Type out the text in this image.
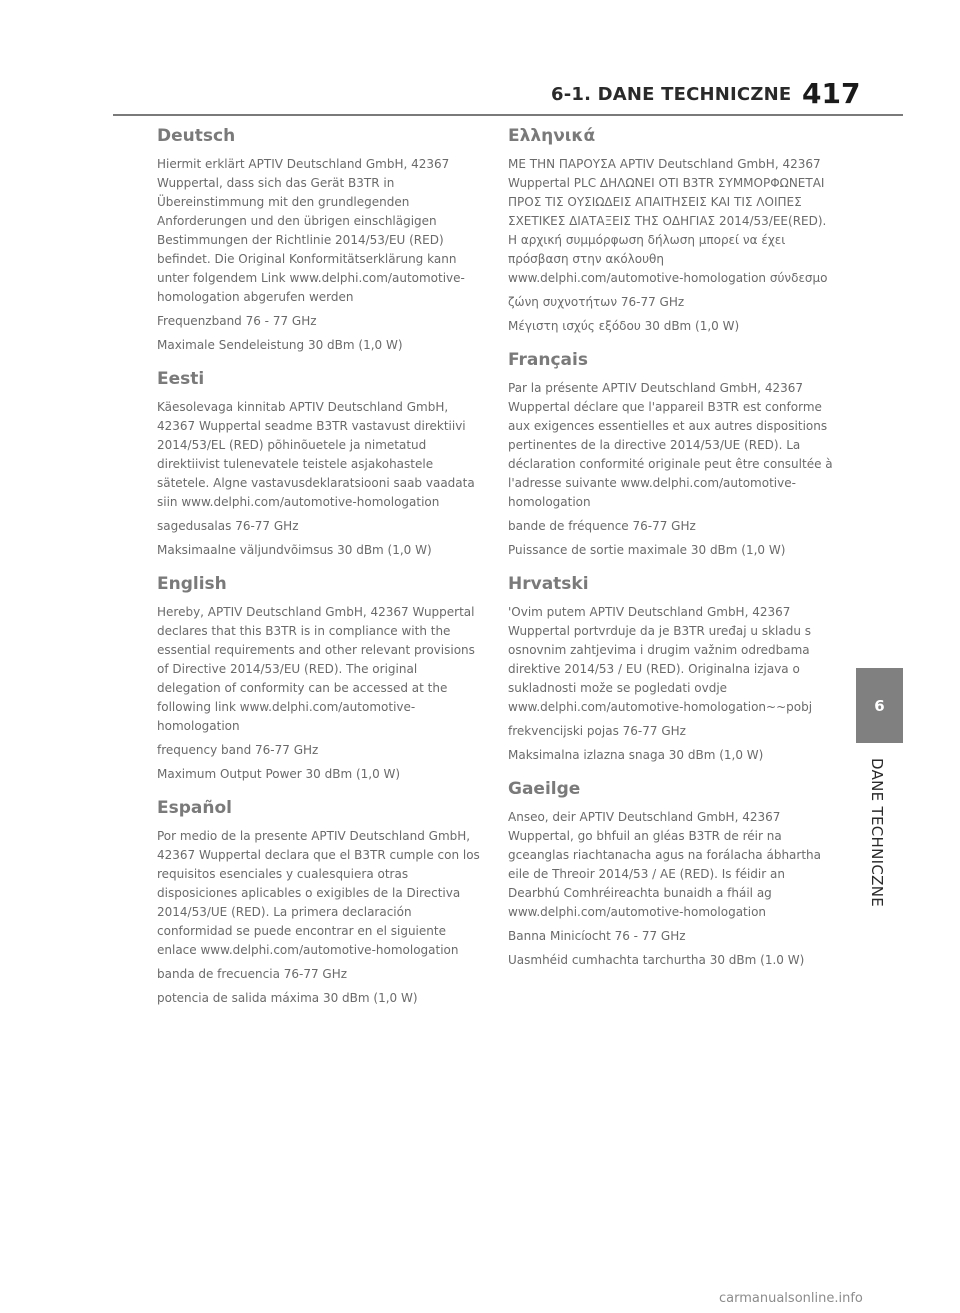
6-1. DANE TECHNICZNE 417
Deutsch

Hiermit erklärt APTIV Deutschland GmbH, 42367 Wuppertal, dass sich das Gerät B3TR in Übereinstimmung mit den grundlegenden Anforderungen und den übrigen einschlägigen Bestimmungen der Richtlinie 2014/53/EU (RED) befindet. Die Original Konformitätserklärung kann unter folgendem Link www.delphi.com/automotive-homologation abgerufen werden

Frequenzband 76 - 77 GHz

Maximale Sendeleistung 30 dBm (1,0 W)

Eesti

Käesolevaga kinnitab APTIV Deutschland GmbH, 42367 Wuppertal seadme B3TR vastavust direktiivi 2014/53/EL (RED) põhinõuetele ja nimetatud direktiivist tulenevatele teistele asjakohastele sätetele. Algne vastavusdeklaratsiooni saab vaadata siin www.delphi.com/automotive-homologation

sagedusalas 76-77 GHz

Maksimaalne väljundvõimsus 30 dBm (1,0 W)

English

Hereby, APTIV Deutschland GmbH, 42367 Wuppertal declares that this B3TR is in compliance with the essential requirements and other relevant provisions of Directive 2014/53/EU (RED). The original delegation of conformity can be accessed at the following link www.delphi.com/automotive-homologation

frequency band 76-77 GHz

Maximum Output Power 30 dBm (1,0 W)

Español

Por medio de la presente APTIV Deutschland GmbH, 42367 Wuppertal declara que el B3TR cumple con los requisitos esenciales y cualesquiera otras disposiciones aplicables o exigibles de la Directiva 2014/53/UE (RED). La primera declaración conformidad se puede encontrar en el siguiente enlace www.delphi.com/automotive-homologation

banda de frecuencia 76-77 GHz

potencia de salida máxima 30 dBm (1,0 W)

Ελληνικά

ΜΕ ΤΗΝ ΠΑΡΟΥΣΑ APTIV Deutschland GmbH, 42367 Wuppertal PLC ΔΗΛΩΝΕΙ ΟΤΙ B3TR ΣΥΜΜΟΡΦΩΝΕΤΑΙ ΠΡΟΣ ΤΙΣ ΟΥΣΙΩΔΕΙΣ ΑΠΑΙΤΗΣΕΙΣ ΚΑΙ ΤΙΣ ΛΟΙΠΕΣ ΣΧΕΤΙΚΕΣ ΔΙΑΤΑΞΕΙΣ ΤΗΣ ΟΔΗΓΙΑΣ 2014/53/ΕΕ(RED). Η αρχική συμμόρφωση δήλωση μπορεί να έχει πρόσβαση στην ακόλουθη www.delphi.com/automotive-homologation σύνδεσμο

ζώνη συχνοτήτων 76-77 GHz

Μέγιστη ισχύς εξόδου 30 dBm (1,0 W)

Français

Par la présente APTIV Deutschland GmbH, 42367 Wuppertal déclare que l'appareil B3TR est conforme aux exigences essentielles et aux autres dispositions pertinentes de la directive 2014/53/UE (RED). La déclaration conformité originale peut être consultée à l'adresse suivante www.delphi.com/automotive-homologation

bande de fréquence 76-77 GHz

Puissance de sortie maximale 30 dBm (1,0 W)

Hrvatski

'Ovim putem APTIV Deutschland GmbH, 42367 Wuppertal portvrduje da je B3TR uređaj u skladu s osnovnim zahtjevima i drugim važnim odredbama direktive 2014/53 / EU (RED). Originalna izjava o sukladnosti može se pogledati ovdje www.delphi.com/automotive-homologation~~pobj

frekvencijski pojas 76-77 GHz

Maksimalna izlazna snaga 30 dBm (1,0 W)

Gaeilge

Anseo, deir APTIV Deutschland GmbH, 42367 Wuppertal, go bhfuil an gléas B3TR de réir na gceanglas riachtanacha agus na forálacha ábhartha eile de Threoir 2014/53 / AE (RED). Is féidir an Dearbhú Comhréireachta bunaidh a fháil ag www.delphi.com/automotive-homologation

Banna Minicíocht 76 - 77 GHz

Uasmhéid cumhachta tarchurtha 30 dBm (1.0 W)

6
DANE TECHNICZNE
carmanualsonline.info
